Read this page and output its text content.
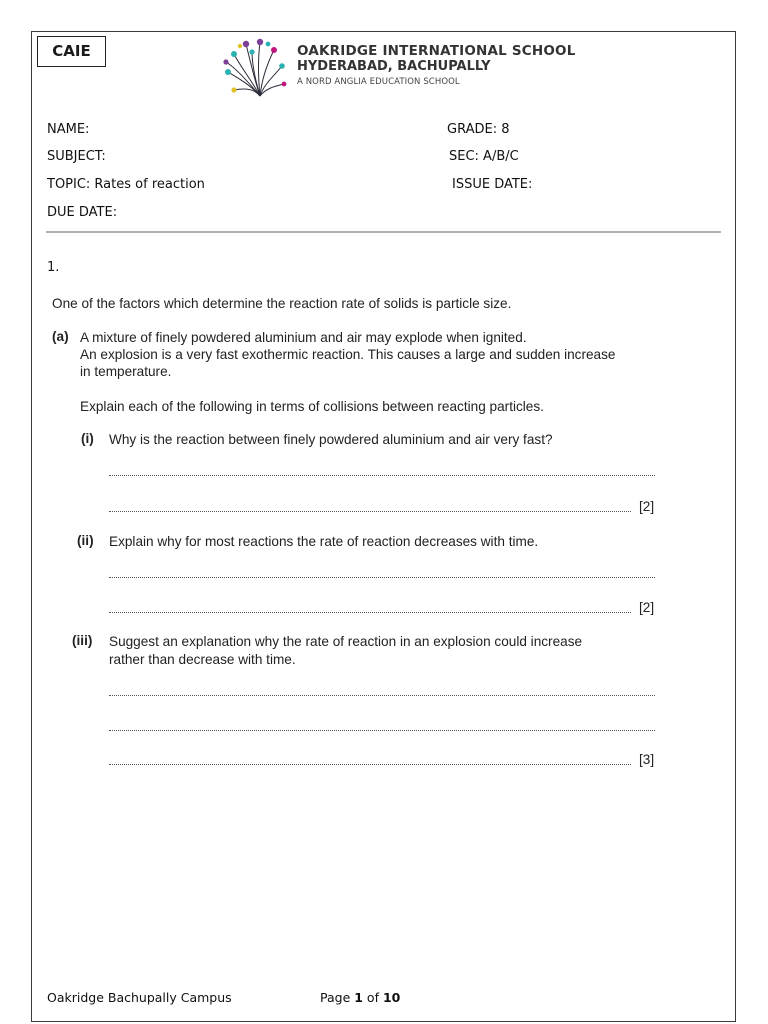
CAIE	OAKRIDGE INTERNATIONAL SCHOOL
HYDERABAD, BACHUPALLY
A NORD ANGLIA EDUCATION SCHOOL
NAME:	GRADE: 8
SUBJECT:	SEC: A/B/C
TOPIC: Rates of reaction	ISSUE DATE:
DUE DATE:
1.
One of the factors which determine the reaction rate of solids is particle size.
(a) A mixture of finely powdered aluminium and air may explode when ignited.
An explosion is a very fast exothermic reaction. This causes a large and sudden increase
in temperature.
Explain each of the following in terms of collisions between reacting particles.
(i) Why is the reaction between finely powdered aluminium and air very fast?
[2]
(ii) Explain why for most reactions the rate of reaction decreases with time.
[2]
(iii) Suggest an explanation why the rate of reaction in an explosion could increase
rather than decrease with time.
[3]
Oakridge Bachupally Campus	Page 1 of 10
